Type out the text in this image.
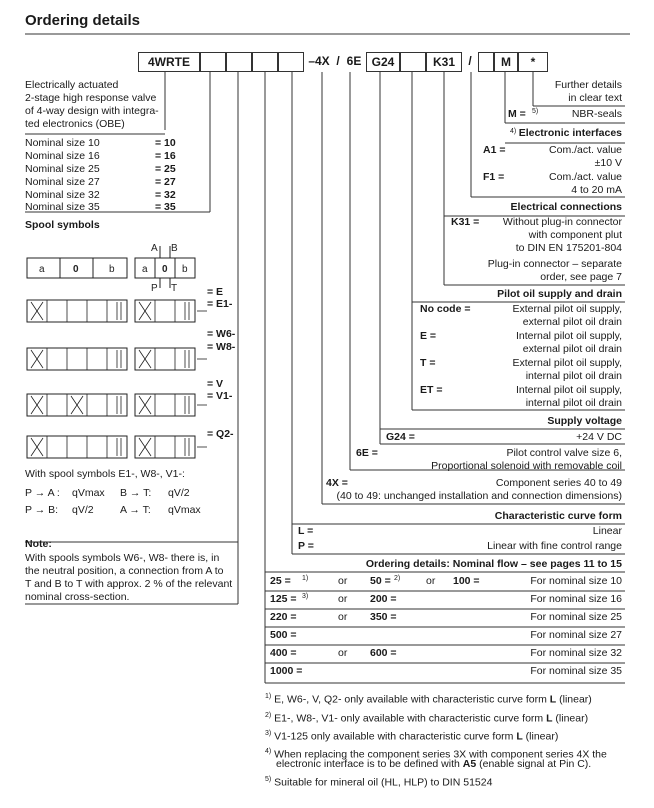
Ordering details
4WRTE	–4X / 6E G24	K31	/	M	*
Electrically actuated
2-stage high response valve
of 4-way design with integra-
ted electronics (OBE)
Nominal size 10	= 10
Nominal size 16	= 16
Nominal size 25	= 25
Nominal size 27	= 27
Nominal size 32	= 32
Nominal size 35	= 35
Spool symbols
A B
P T
a	0	b	a 0 b
= E
= E1-
= W6-
= W8-
= V
= V1-
= Q2-
With spool symbols E1-, W8-, V1-:
P → A : qVmax B → T: qV/2
P → B: qV/2	A → T: qVmax
Note:
With spools symbols W6-, W8- there is, in
the neutral position, a connection from A to
T and B to T with approx. 2 % of the relevant
nominal cross-section.
Further details
in clear text
M = 5)	NBR-seals
4) Electronic interfaces
A1 =	Com./act. value
±10 V
F1 =	Com./act. value
4 to 20 mA
Electrical connections
K31 = Without plug-in connector
with component plut
to DIN EN 175201-804
Plug-in connector – separate
order, see page 7
Pilot oil supply and drain
No code =	External pilot oil supply,
external pilot oil drain
E =	Internal pilot oil supply,
external pilot oil drain
T =	External pilot oil supply,
internal pilot oil drain
ET =	Internal pilot oil supply,
internal pilot oil drain
Supply voltage
G24 =	+24 V DC
6E =	Pilot control valve size 6,
Proportional solenoid with removable coil
4X =	Component series 40 to 49
(40 to 49: unchanged installation and connection dimensions)
Characteristic curve form
L =	Linear
P =	Linear with fine control range
Ordering details: Nominal flow – see pages 11 to 15
25 = 1)	or 50 = 2) or 100 =	For nominal size 10
125 = 3)	or 200 =	For nominal size 16
220 =	or 350 =	For nominal size 25
500 =	For nominal size 27
400 =	or 600 =	For nominal size 32
1000 =	For nominal size 35
$^{1)}$ E, W6-, V, Q2- only available with characteristic curve form L (linear)
$^{2)}$ E1-, W8-, V1- only available with characteristic curve form L (linear)
$^{3)}$ V1-125 only available with characteristic curve form L (linear)
$^{4)}$ When replacing the component series 3X with component series 4X the
electronic interface is to be defined with A5 (enable signal at Pin C).
$^{5)}$ Suitable for mineral oil (HL, HLP) to DIN 51524
